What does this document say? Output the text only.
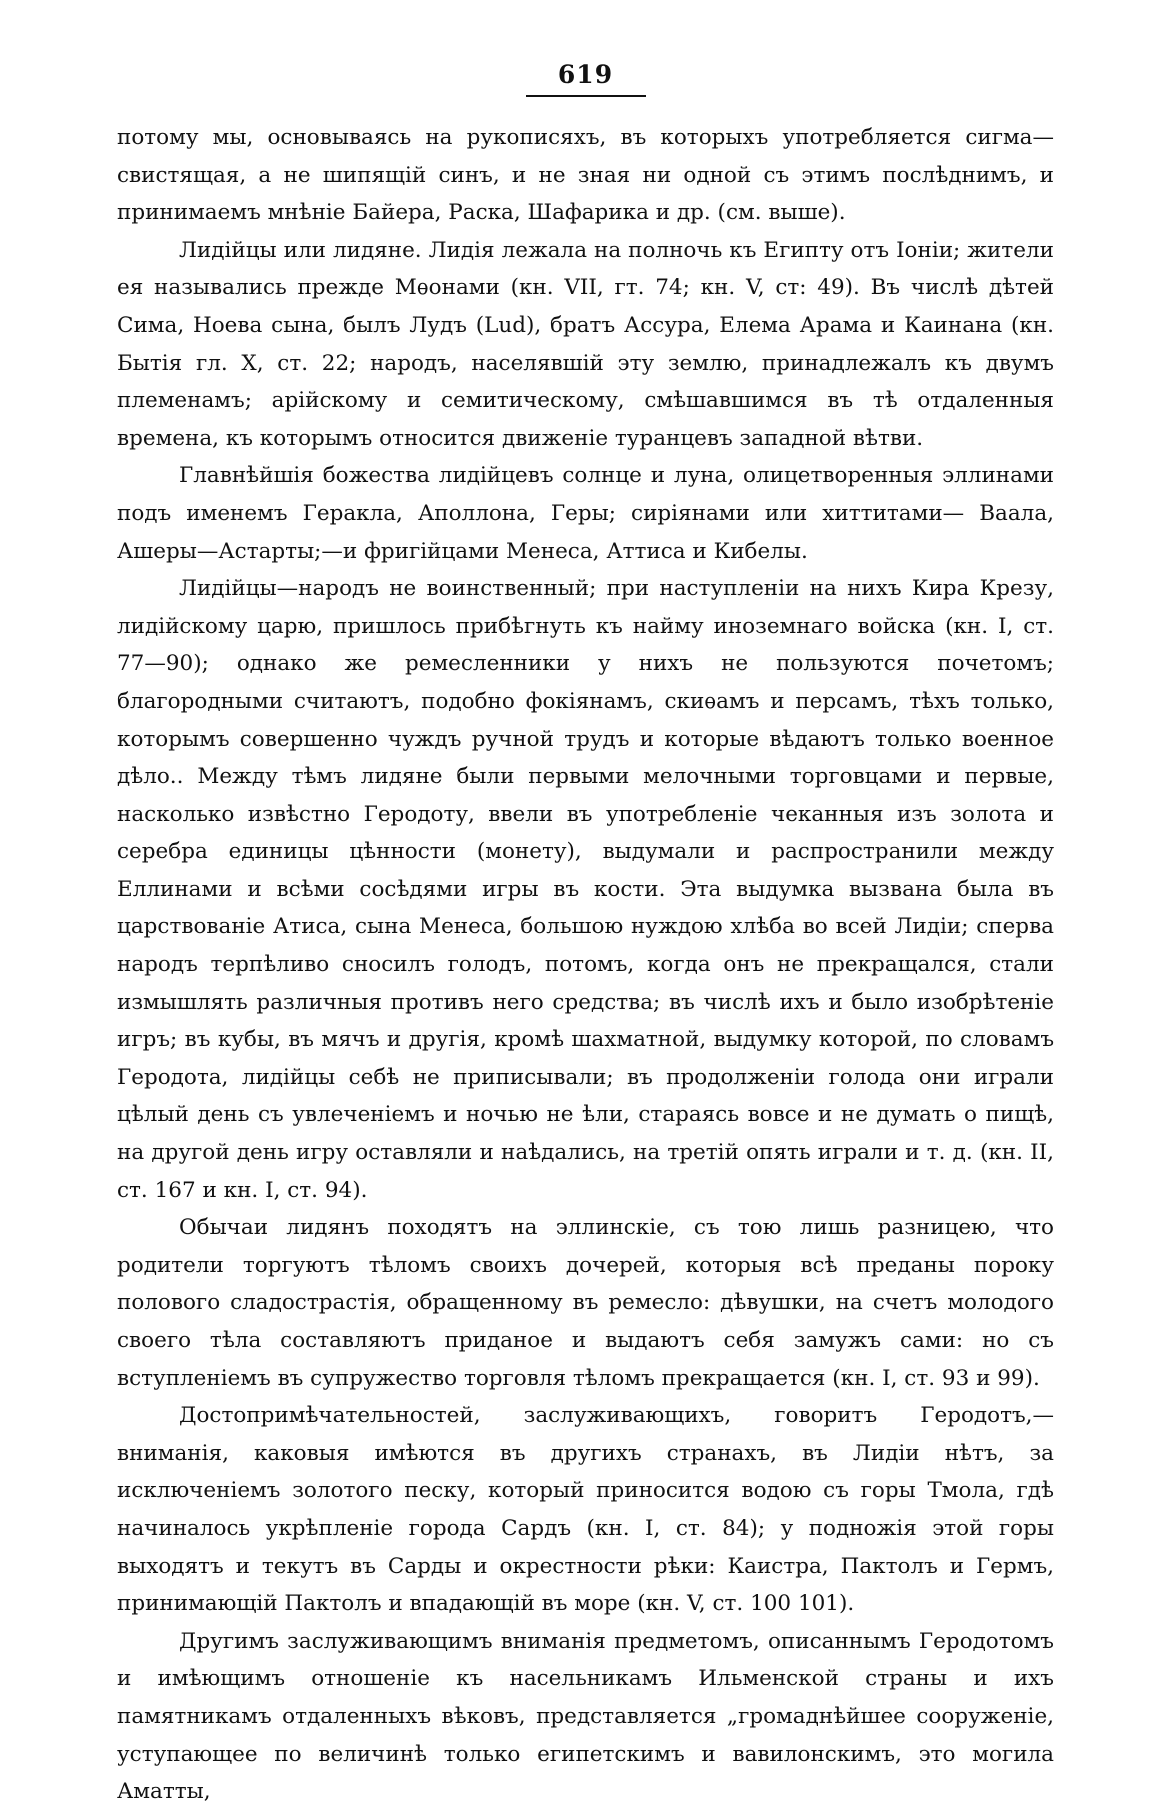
619

потому мы, основываясь на рукописяхъ, въ которыхъ употребляется сигма— свистящая, а не шипящій синъ, и не зная ни одной съ этимъ послѣднимъ, и принимаемъ мнѣніе Байера, Раска, Шафарика и др. (см. выше).

Лидійцы или лидяне. Лидія лежала на полночь къ Египту отъ Іоніи; жители ея назывались прежде Мѳонами (кн. VII, гт. 74; кн. V, ст: 49). Въ числѣ дѣтей Сима, Ноева сына, былъ Лудъ (Lud), братъ Ассура, Елема Арама и Каинана (кн. Бытія гл. X, ст. 22; народъ, населявшій эту землю, принадлежалъ къ двумъ племенамъ; арійскому и семитическому, смѣшавшимся въ тѣ отдаленныя времена, къ которымъ относится движеніе туранцевъ западной вѣтви.

Главнѣйшія божества лидійцевъ солнце и луна, олицетворенныя эллинами подъ именемъ Геракла, Аполлона, Геры; сиріянами или хиттитами— Ваала, Ашеры—Астарты;—и фригійцами Менеса, Аттиса и Кибелы.

Лидійцы—народъ не воинственный; при наступленіи на нихъ Кира Крезу, лидійскому царю, пришлось прибѣгнуть къ найму иноземнаго войска (кн. I, ст. 77—90); однако же ремесленники у нихъ не пользуются почетомъ; благородными считаютъ, подобно фокіянамъ, скиѳамъ и персамъ, тѣхъ только, которымъ совершенно чуждъ ручной трудъ и которые вѣдаютъ только военное дѣло.. Между тѣмъ лидяне были первыми мелочными торговцами и первые, насколько извѣстно Геродоту, ввели въ употребленіе чеканныя изъ золота и серебра единицы цѣнности (монету), выдумали и распространили между Еллинами и всѣми сосѣдями игры въ кости. Эта выдумка вызвана была въ царствованіе Атиса, сына Менеса, большою нуждою хлѣба во всей Лидіи; сперва народъ терпѣливо сносилъ голодъ, потомъ, когда онъ не прекращался, стали измышлять различныя противъ него средства; въ числѣ ихъ и было изобрѣтеніе игръ; въ кубы, въ мячъ и другія, кромѣ шахматной, выдумку которой, по словамъ Геродота, лидійцы себѣ не приписывали; въ продолженіи голода они играли цѣлый день съ увлеченіемъ и ночью не ѣли, стараясь вовсе и не думать о пищѣ, на другой день игру оставляли и наѣдались, на третій опять играли и т. д. (кн. II, ст. 167 и кн. I, ст. 94).

Обычаи лидянъ походятъ на эллинскіе, съ тою лишь разницею, что родители торгуютъ тѣломъ своихъ дочерей, которыя всѣ преданы пороку полового сладострастія, обращенному въ ремесло: дѣвушки, на счетъ молодого своего тѣла составляютъ приданое и выдаютъ себя замужъ сами: но съ вступленіемъ въ супружество торговля тѣломъ прекращается (кн. I, ст. 93 и 99).

Достопримѣчательностей, заслуживающихъ, говоритъ Геродотъ,—вниманія, каковыя имѣются въ другихъ странахъ, въ Лидіи нѣтъ, за исключеніемъ золотого песку, который приносится водою съ горы Тмола, гдѣ начиналось укрѣпленіе города Сардъ (кн. I, ст. 84); у подножія этой горы выходятъ и текутъ въ Сарды и окрестности рѣки: Каистра, Пактолъ и Гермъ, принимающій Пактолъ и впадающій въ море (кн. V, ст. 100 101).

Другимъ заслуживающимъ вниманія предметомъ, описаннымъ Геродотомъ и имѣющимъ отношеніе къ насельникамъ Ильменской страны и ихъ памятникамъ отдаленныхъ вѣковъ, представляется „громаднѣйшее сооруженіе, уступающее по величинѣ только египетскимъ и вавилонскимъ, это могила Аматты,
